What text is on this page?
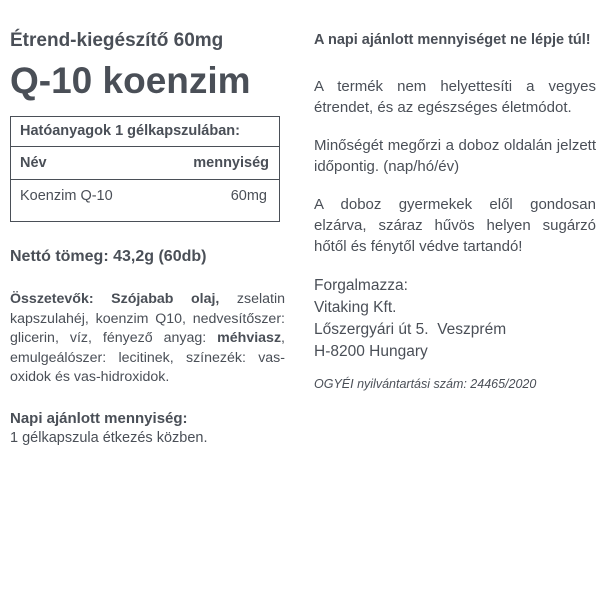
Étrend-kiegészítő 60mg
Q-10 koenzim
Hatóanyagok 1 gélkapszulában:
Név	mennyiség
Koenzim Q-10	60mg
Nettó tömeg: 43,2g (60db)
Összetevők: Szójabab olaj, zselatin kapszulahéj, koenzim Q10, nedvesítőszer: glicerin, víz, fényező anyag: méhviasz, emulgeálószer: lecitinek, színezék: vas-oxidok és vas-hidroxidok.
Napi ajánlott mennyiség:
1 gélkapszula étkezés közben.
A napi ajánlott mennyiséget ne lépje túl!
A termék nem helyettesíti a vegyes étrendet, és az egészséges életmódot.
Minőségét megőrzi a doboz oldalán jelzett időpontig. (nap/hó/év)
A doboz gyermekek elől gondosan elzárva, száraz hűvös helyen sugárzó hőtől és fénytől védve tartandó!
Forgalmazza:
Vitaking Kft.
Lőszergyári út 5.  Veszprém
H-8200 Hungary
OGYÉI nyilvántartási szám: 24465/2020
